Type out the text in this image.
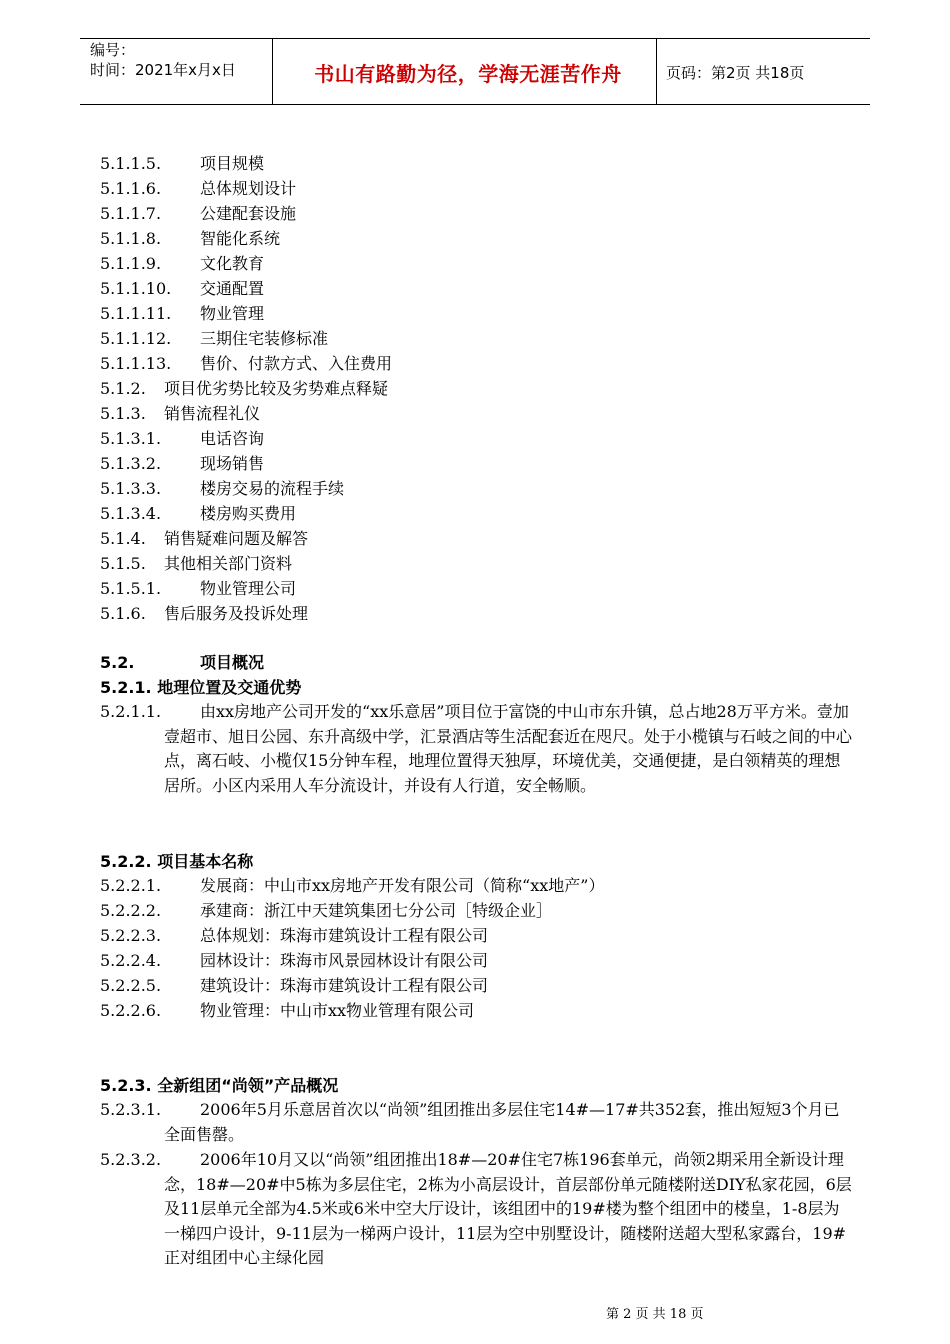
编号：
时间：2021年x月x日	书山有路勤为径，学海无涯苦作舟	页码：第2页 共18页
5.1.1.5. 项目规模
5.1.1.6. 总体规划设计
5.1.1.7. 公建配套设施
5.1.1.8. 智能化系统
5.1.1.9. 文化教育
5.1.1.10. 交通配置
5.1.1.11. 物业管理
5.1.1.12. 三期住宅装修标准
5.1.1.13. 售价、付款方式、入住费用
5.1.2. 项目优劣势比较及劣势难点释疑
5.1.3. 销售流程礼仪
5.1.3.1. 电话咨询
5.1.3.2. 现场销售
5.1.3.3. 楼房交易的流程手续
5.1.3.4. 楼房购买费用
5.1.4. 销售疑难问题及解答
5.1.5. 其他相关部门资料
5.1.5.1. 物业管理公司
5.1.6. 售后服务及投诉处理
5.2.	项目概况
5.2.1. 地理位置及交通优势
5.2.1.1. 由xx房地产公司开发的“xx乐意居”项目位于富饶的中山市东升镇，总占地28万平方米。壹加壹超市、旭日公园、东升高级中学，汇景酒店等生活配套近在咫尺。处于小榄镇与石岐之间的中心点，离石岐、小榄仅15分钟车程，地理位置得天独厚，环境优美，交通便捷，是白领精英的理想居所。小区内采用人车分流设计，并设有人行道，安全畅顺。
5.2.2. 项目基本名称
5.2.2.1. 发展商：中山市xx房地产开发有限公司（简称“xx地产”）
5.2.2.2. 承建商：浙江中天建筑集团七分公司［特级企业］
5.2.2.3. 总体规划：珠海市建筑设计工程有限公司
5.2.2.4. 园林设计：珠海市风景园林设计有限公司
5.2.2.5. 建筑设计：珠海市建筑设计工程有限公司
5.2.2.6. 物业管理：中山市xx物业管理有限公司
5.2.3. 全新组团“尚领”产品概况
5.2.3.1. 2006年5月乐意居首次以“尚领”组团推出多层住宅14#—17#共352套，推出短短3个月已全面售罄。
5.2.3.2. 2006年10月又以“尚领”组团推出18#—20#住宅7栋196套单元，尚领2期采用全新设计理念，18#—20#中5栋为多层住宅，2栋为小高层设计，首层部份单元随楼附送DIY私家花园，6层及11层单元全部为4.5米或6米中空大厅设计，该组团中的19#楼为整个组团中的楼皇，1-8层为一梯四户设计，9-11层为一梯两户设计，11层为空中别墅设计，随楼附送超大型私家露台，19#正对组团中心主绿化园
第 2 页 共 18 页
